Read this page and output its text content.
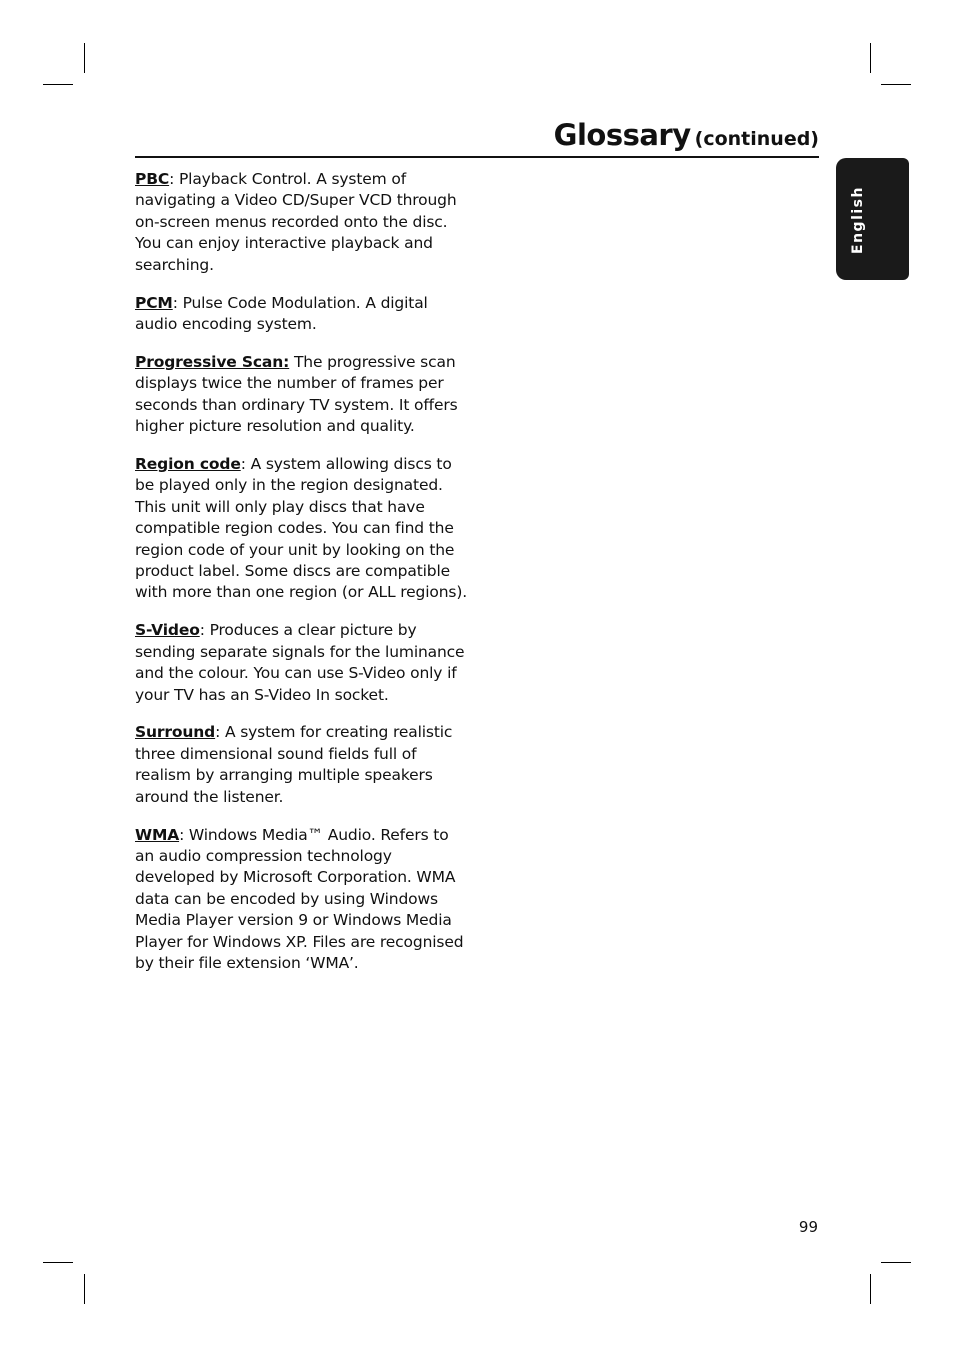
Glossary (continued)
English

PBC: Playback Control. A system of navigating a Video CD/Super VCD through on-screen menus recorded onto the disc. You can enjoy interactive playback and searching.

PCM: Pulse Code Modulation. A digital audio encoding system.

Progressive Scan: The progressive scan displays twice the number of frames per seconds than ordinary TV system. It offers higher picture resolution and quality.

Region code: A system allowing discs to be played only in the region designated. This unit will only play discs that have compatible region codes. You can find the region code of your unit by looking on the product label. Some discs are compatible with more than one region (or ALL regions).

S-Video: Produces a clear picture by sending separate signals for the luminance and the colour. You can use S-Video only if your TV has an S-Video In socket.

Surround: A system for creating realistic three dimensional sound fields full of realism by arranging multiple speakers around the listener.

WMA: Windows Media™ Audio. Refers to an audio compression technology developed by Microsoft Corporation. WMA data can be encoded by using Windows Media Player version 9 or Windows Media Player for Windows XP. Files are recognised by their file extension ‘WMA’.

99
